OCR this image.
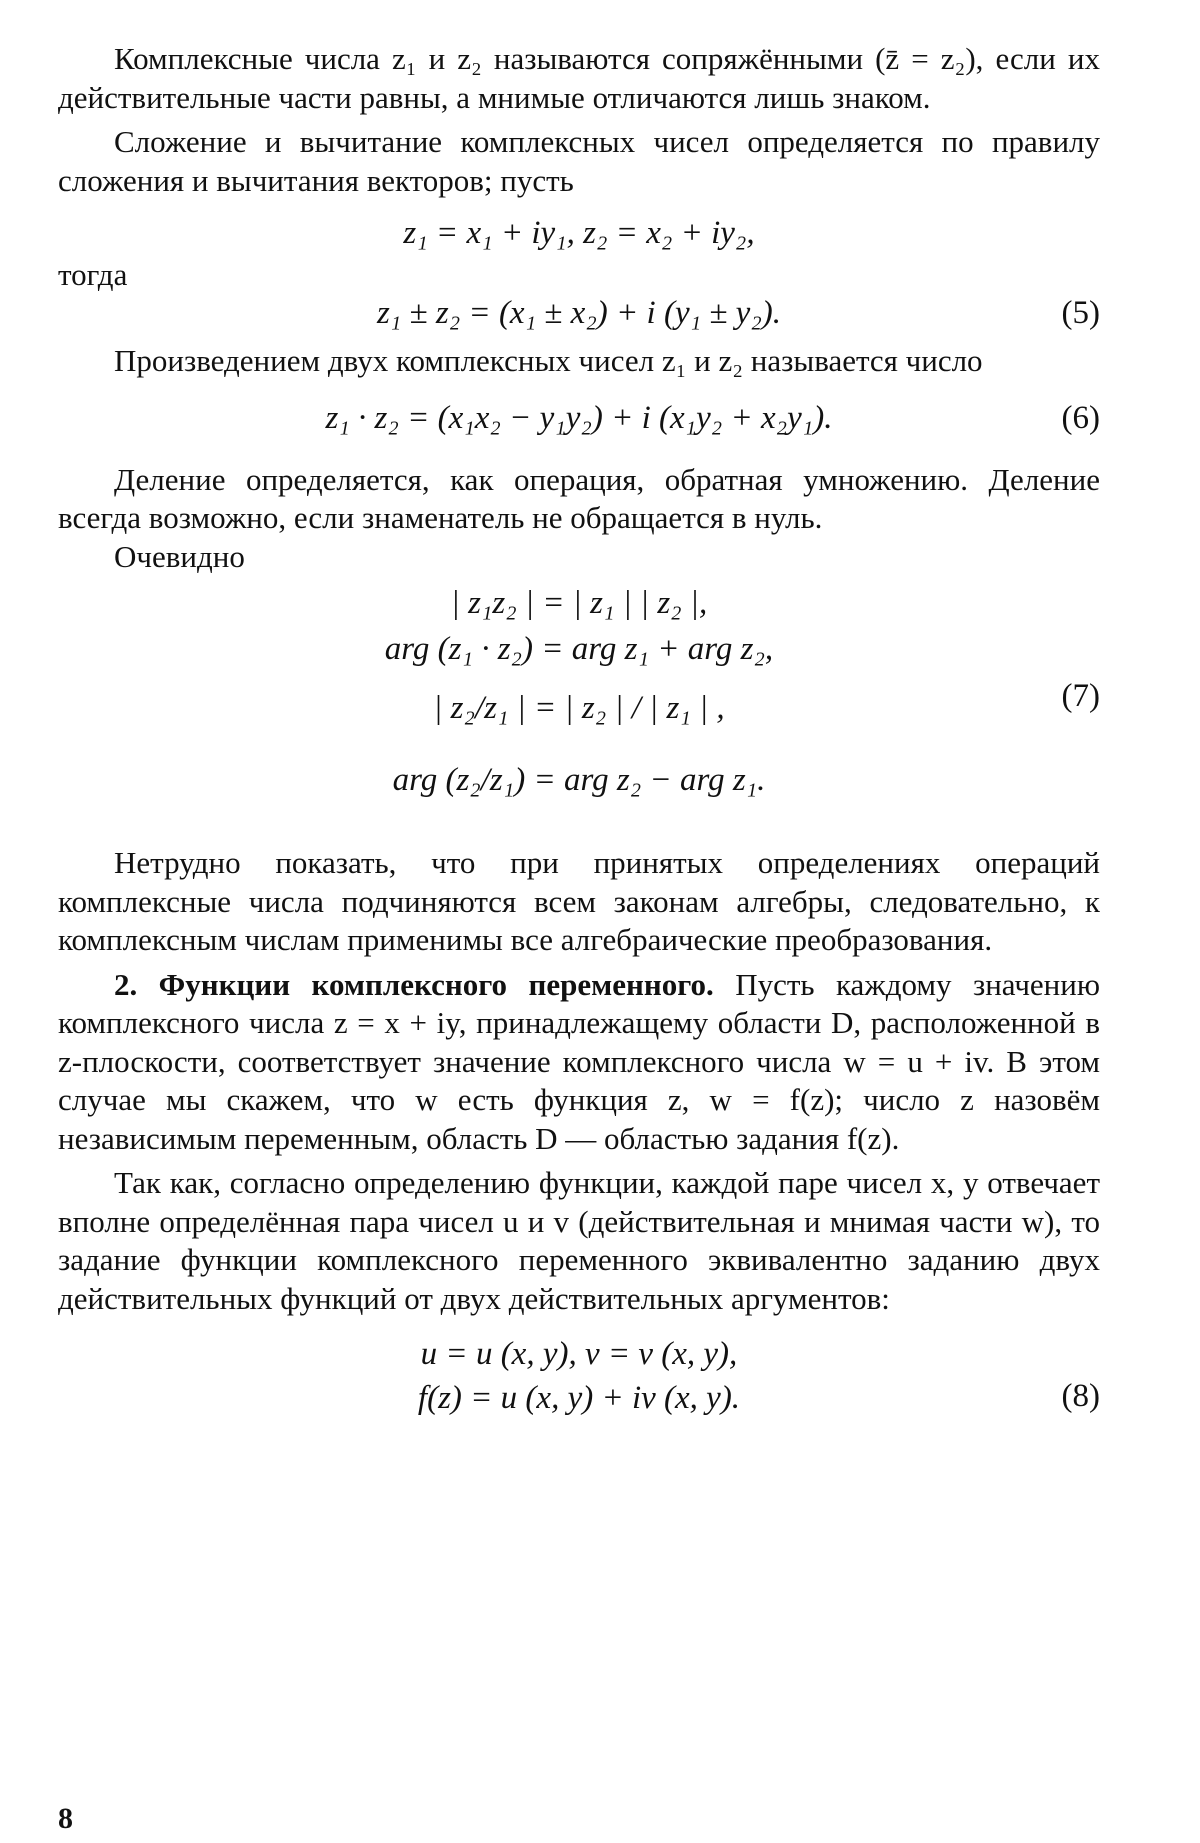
Комплексные числа z₁ и z₂ называются сопряжёнными (z̄ = z₂), если их действительные части равны, а мнимые отличаются лишь знаком.

Сложение и вычитание комплексных чисел определяется по правилу сложения и вычитания векторов; пусть

z₁ = x₁ + iy₁, z₂ = x₂ + iy₂,
тогда
z₁ ± z₂ = (x₁ ± x₂) + i (y₁ ± y₂).	(5)

Произведением двух комплексных чисел z₁ и z₂ называется число

z₁ · z₂ = (x₁x₂ − y₁y₂) + i (x₁y₂ + x₂y₁).	(6)

Деление определяется, как операция, обратная умножению. Деление всегда возможно, если знаменатель не обращается в нуль.

Очевидно

| z₁z₂ | = | z₁ | | z₂ |,
arg (z₁ · z₂) = arg z₁ + arg z₂,
| z₂/z₁ | = | z₂ | / | z₁ | ,
arg (z₂/z₁) = arg z₂ − arg z₁.
(7)

Нетрудно показать, что при принятых определениях операций комплексные числа подчиняются всем законам алгебры, следовательно, к комплексным числам применимы все алгебраические преобразования.

2. Функции комплексного переменного. Пусть каждому значению комплексного числа z = x + iy, принадлежащему области D, расположенной в z-плоскости, соответствует значение комплексного числа w = u + iv. В этом случае мы скажем, что w есть функция z, w = f(z); число z назовём независимым переменным, область D — областью задания f(z).

Так как, согласно определению функции, каждой паре чисел x, y отвечает вполне определённая пара чисел u и v (действительная и мнимая части w), то задание функции комплексного переменного эквивалентно заданию двух действительных функций от двух действительных аргументов:

u = u (x, y), v = v (x, y),
f(z) = u (x, y) + iv (x, y).	(8)
8
